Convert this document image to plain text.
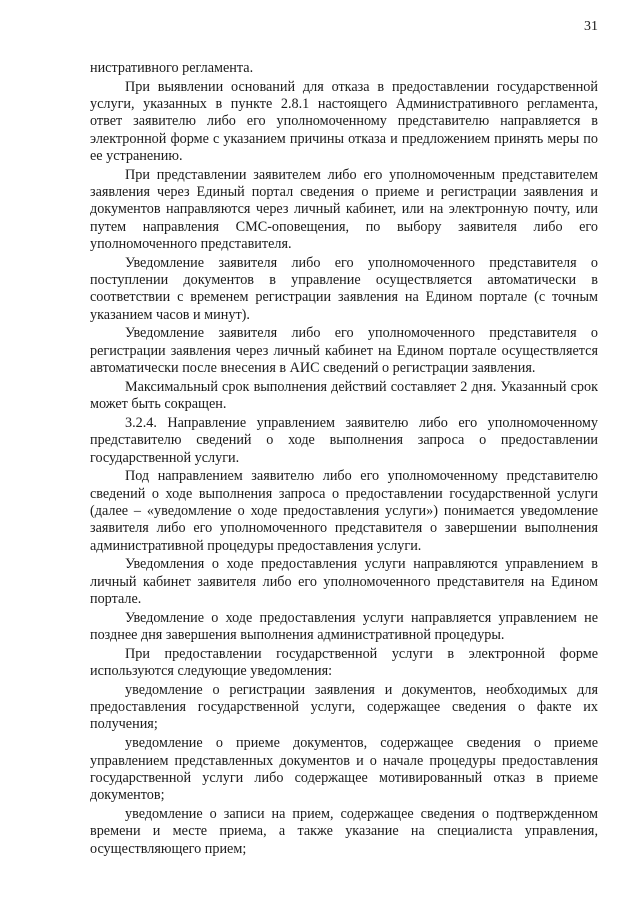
31

нистративного регламента.

При выявлении оснований для отказа в предоставлении государственной услуги, указанных в пункте 2.8.1 настоящего Административного регламента, ответ заявителю либо его уполномоченному представителю направляется в электронной форме с указанием причины отказа и предложением принять меры по ее устранению.

При представлении заявителем либо его уполномоченным представителем заявления через Единый портал сведения о приеме и регистрации заявления и документов направляются через личный кабинет, или на электронную почту, или путем направления СМС-оповещения, по выбору заявителя либо его уполномоченного представителя.

Уведомление заявителя либо его уполномоченного представителя о поступлении документов в управление осуществляется автоматически в соответствии с временем регистрации заявления на Едином портале (с точным указанием часов и минут).

Уведомление заявителя либо его уполномоченного представителя о регистрации заявления через личный кабинет на Едином портале осуществляется автоматически после внесения в АИС сведений о регистрации заявления.

Максимальный срок выполнения действий составляет 2 дня. Указанный срок может быть сокращен.

3.2.4. Направление управлением заявителю либо его уполномоченному представителю сведений о ходе выполнения запроса о предоставлении государственной услуги.

Под направлением заявителю либо его уполномоченному представителю сведений о ходе выполнения запроса о предоставлении государственной услуги (далее – «уведомление о ходе предоставления услуги») понимается уведомление заявителя либо его уполномоченного представителя о завершении выполнения административной процедуры предоставления услуги.

Уведомления о ходе предоставления услуги направляются управлением в личный кабинет заявителя либо его уполномоченного представителя на Едином портале.

Уведомление о ходе предоставления услуги направляется управлением не позднее дня завершения выполнения административной процедуры.

При предоставлении государственной услуги в электронной форме используются следующие уведомления:

уведомление о регистрации заявления и документов, необходимых для предоставления государственной услуги, содержащее сведения о факте их получения;

уведомление о приеме документов, содержащее сведения о приеме управлением представленных документов и о начале процедуры предоставления государственной услуги либо содержащее мотивированный отказ в приеме документов;

уведомление о записи на прием, содержащее сведения о подтвержденном времени и месте приема, а также указание на специалиста управления, осуществляющего прием;
